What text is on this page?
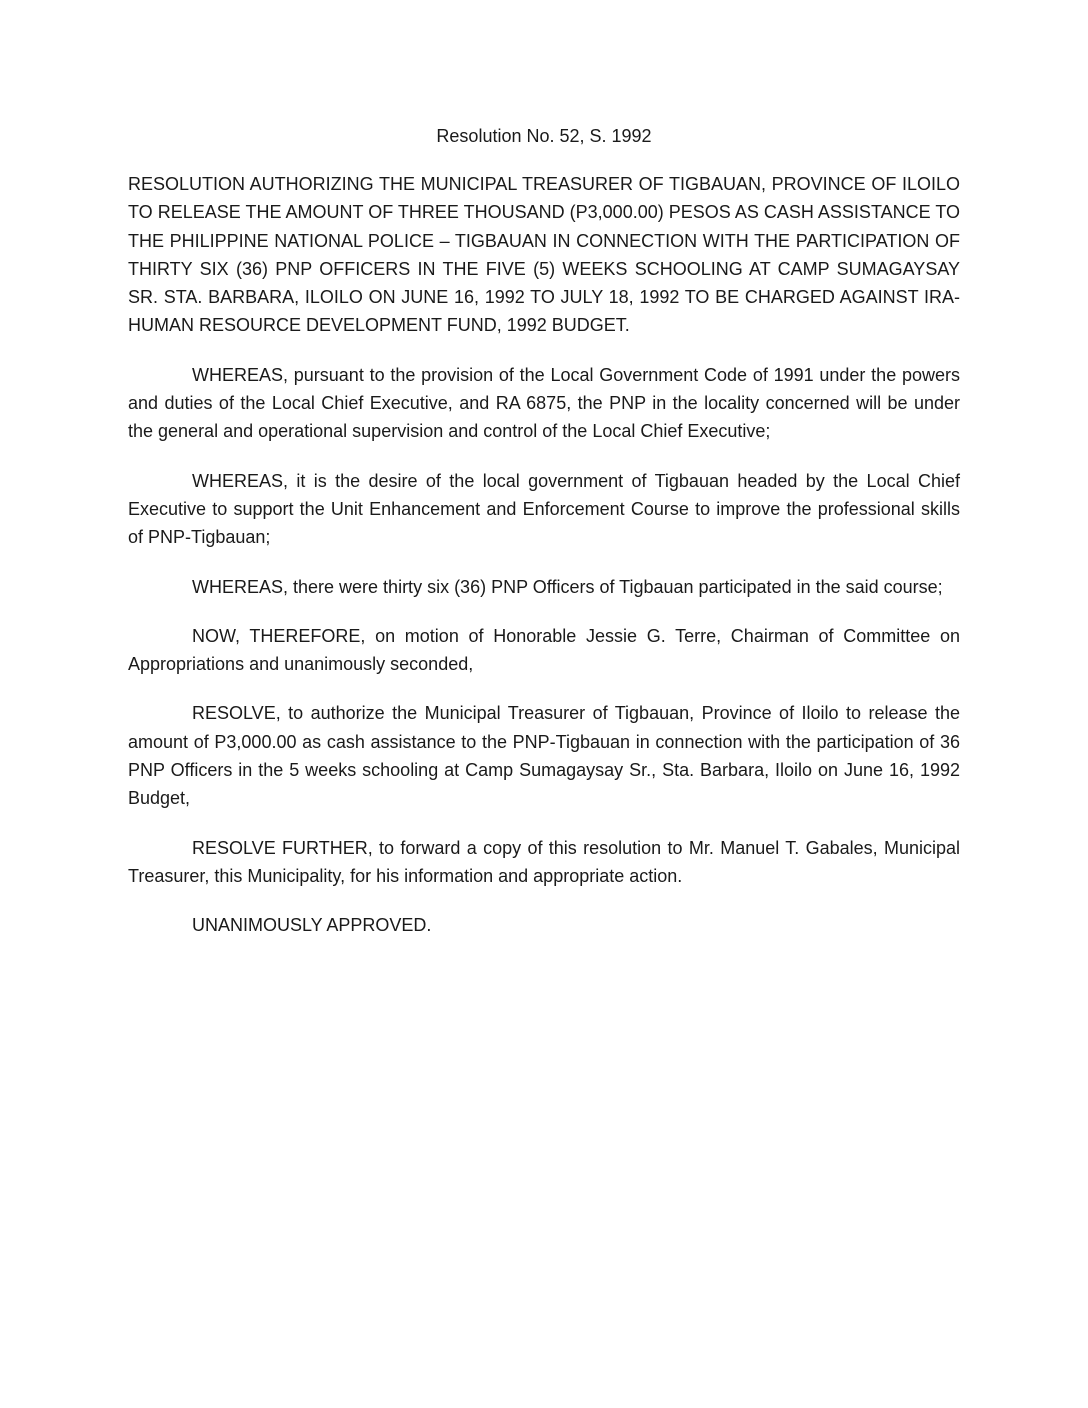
Resolution No. 52, S. 1992

RESOLUTION AUTHORIZING THE MUNICIPAL TREASURER OF TIGBAUAN, PROVINCE OF ILOILO TO RELEASE THE AMOUNT OF THREE THOUSAND (P3,000.00) PESOS AS CASH ASSISTANCE TO THE PHILIPPINE NATIONAL POLICE – TIGBAUAN IN CONNECTION WITH THE PARTICIPATION OF THIRTY SIX (36) PNP OFFICERS IN THE FIVE (5) WEEKS SCHOOLING AT CAMP SUMAGAYSAY SR. STA. BARBARA, ILOILO ON JUNE 16, 1992 TO JULY 18, 1992 TO BE CHARGED AGAINST IRA-HUMAN RESOURCE DEVELOPMENT FUND, 1992 BUDGET.

WHEREAS, pursuant to the provision of the Local Government Code of 1991 under the powers and duties of the Local Chief Executive, and RA 6875, the PNP in the locality concerned will be under the general and operational supervision and control of the Local Chief Executive;

WHEREAS, it is the desire of the local government of Tigbauan headed by the Local Chief Executive to support the Unit Enhancement and Enforcement Course to improve the professional skills of PNP-Tigbauan;

WHEREAS, there were thirty six (36) PNP Officers of Tigbauan participated in the said course;

NOW, THEREFORE, on motion of Honorable Jessie G. Terre, Chairman of Committee on Appropriations and unanimously seconded,

RESOLVE, to authorize the Municipal Treasurer of Tigbauan, Province of Iloilo to release the amount of P3,000.00 as cash assistance to the PNP-Tigbauan in connection with the participation of 36 PNP Officers in the 5 weeks schooling at Camp Sumagaysay Sr., Sta. Barbara, Iloilo on June 16, 1992 Budget,

RESOLVE FURTHER, to forward a copy of this resolution to Mr. Manuel T. Gabales, Municipal Treasurer, this Municipality, for his information and appropriate action.

UNANIMOUSLY APPROVED.
